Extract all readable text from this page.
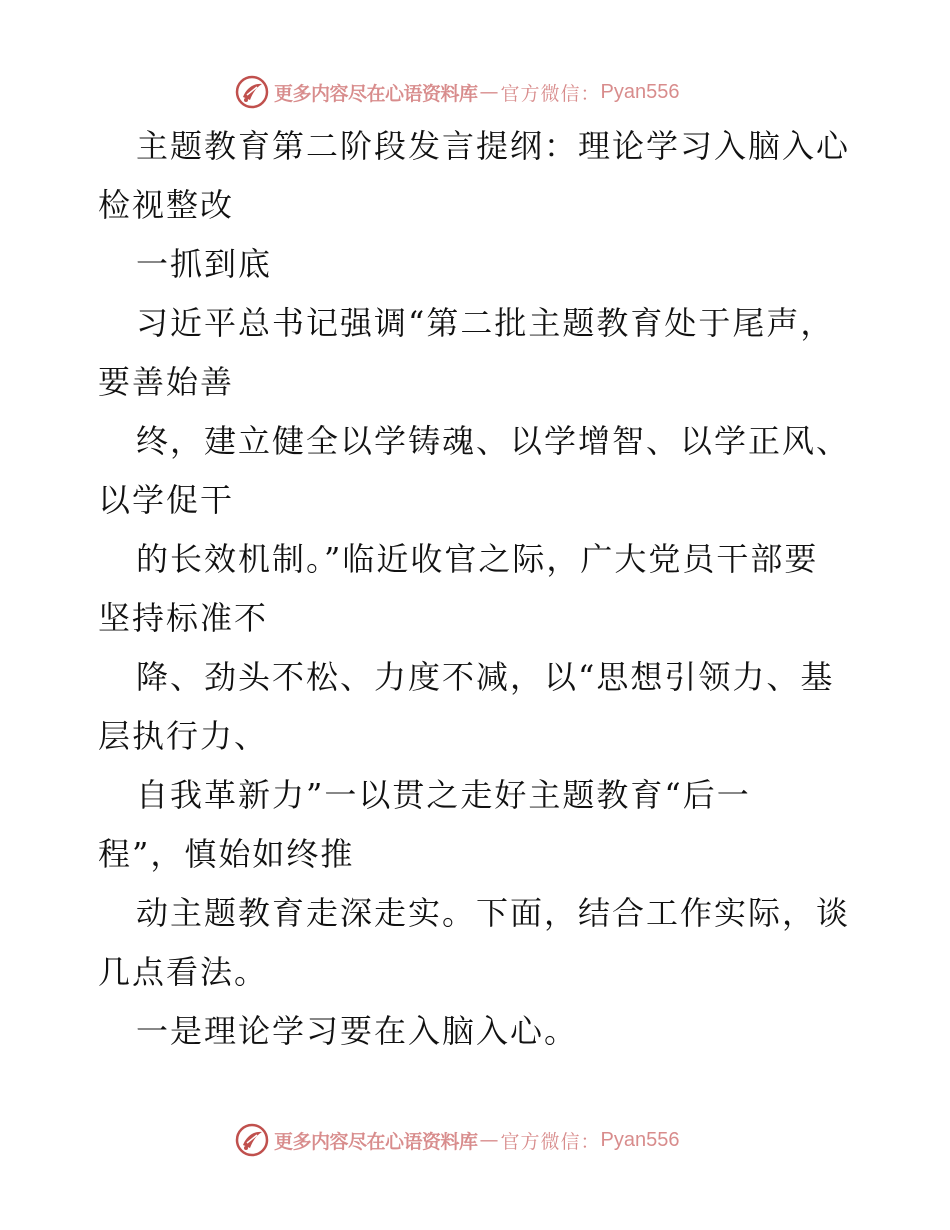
更多内容尽在心语资料库 — 官方微信： Pyan556
主题教育第二阶段发言提纲：理论学习入脑入心
检视整改
一抓到底
习近平总书记强调“第二批主题教育处于尾声，
要善始善
终，建立健全以学铸魂、以学增智、以学正风、
以学促干
的长效机制。”临近收官之际，广大党员干部要
坚持标准不
降、劲头不松、力度不减，以“思想引领力、基
层执行力、
自我革新力”一以贯之走好主题教育“后一
程”，慎始如终推
动主题教育走深走实。下面，结合工作实际，谈
几点看法。
一是理论学习要在入脑入心。
更多内容尽在心语资料库 — 官方微信： Pyan556
